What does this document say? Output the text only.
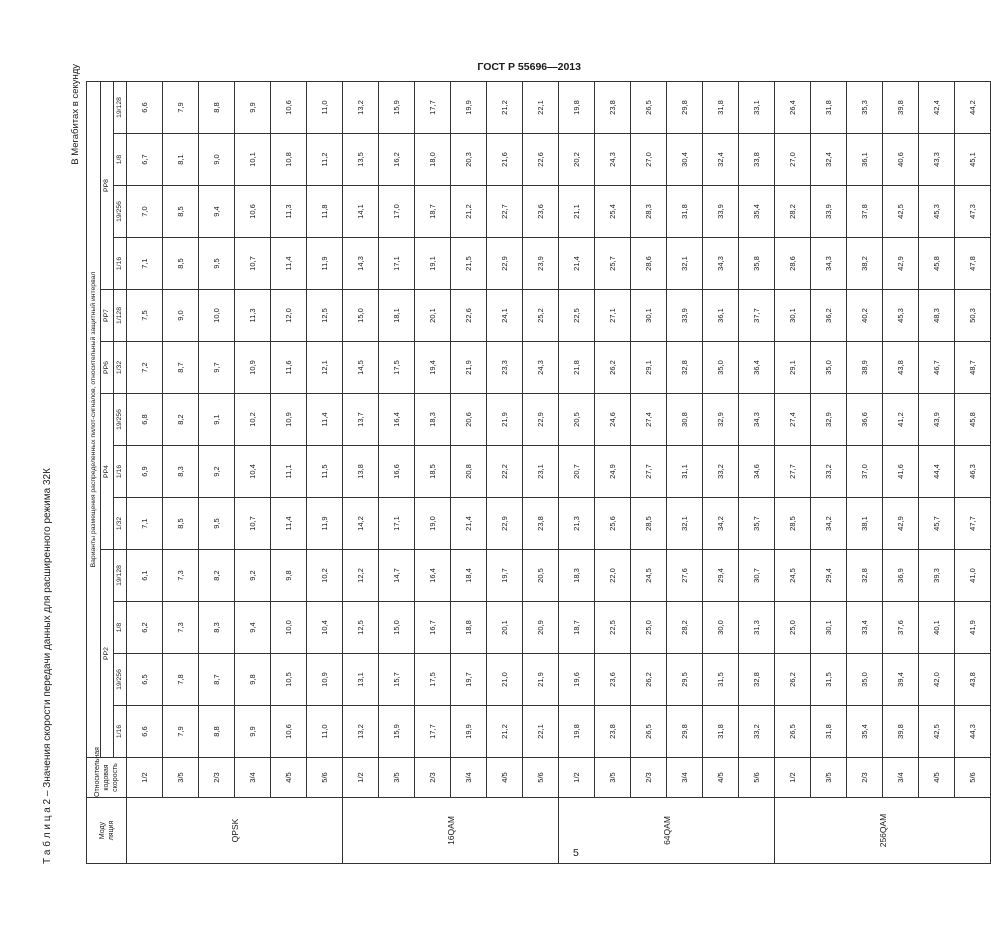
ГОСТ Р 55696—2013
Т а б л и ц а 2 – Значения скорости передачи данных для расширенного режима 32К
В Мегабитах в секунду
Моду
ляция	Относительная кодовая скорость	Варианты размещения распределенных пилот-сигналов, относительный защитный интервал												
		РР2				РР4			РР6	РР7	РР8			
		1/16	19/256	1/8	19/128	1/32	1/16	19/256	1/32	1/128	1/16	19/256	1/8	19/128
QPSK	1/2	6,6	6,5	6,2	6,1	7,1	6,9	6,8	7,2	7,5	7,1	7,0	6,7	6,6
	3/5	7,9	7,8	7,3	7,3	8,5	8,3	8,2	8,7	9,0	8,5	8,5	8,1	7,9
	2/3	8,8	8,7	8,3	8,2	9,5	9,2	9,1	9,7	10,0	9,5	9,4	9,0	8,8
	3/4	9,9	9,8	9,4	9,2	10,7	10,4	10,2	10,9	11,3	10,7	10,6	10,1	9,9
	4/5	10,6	10,5	10,0	9,8	11,4	11,1	10,9	11,6	12,0	11,4	11,3	10,8	10,6
	5/6	11,0	10,9	10,4	10,2	11,9	11,5	11,4	12,1	12,5	11,9	11,8	11,2	11,0
16QAM	1/2	13,2	13,1	12,5	12,2	14,2	13,8	13,7	14,5	15,0	14,3	14,1	13,5	13,2
	3/5	15,9	15,7	15,0	14,7	17,1	16,6	16,4	17,5	18,1	17,1	17,0	16,2	15,9
	2/3	17,7	17,5	16,7	16,4	19,0	18,5	18,3	19,4	20,1	19,1	18,7	18,0	17,7
	3/4	19,9	19,7	18,8	18,4	21,4	20,8	20,6	21,9	22,6	21,5	21,2	20,3	19,9
	4/5	21,2	21,0	20,1	19,7	22,9	22,2	21,9	23,3	24,1	22,9	22,7	21,6	21,2
	5/6	22,1	21,9	20,9	20,5	23,8	23,1	22,9	24,3	25,2	23,9	23,6	22,6	22,1
64QAM	1/2	19,8	19,6	18,7	18,3	21,3	20,7	20,5	21,8	22,5	21,4	21,1	20,2	19,8
	3/5	23,8	23,6	22,5	22,0	25,6	24,9	24,6	26,2	27,1	25,7	25,4	24,3	23,8
	2/3	26,5	26,2	25,0	24,5	28,5	27,7	27,4	29,1	30,1	28,6	28,3	27,0	26,5
	3/4	29,8	29,5	28,2	27,6	32,1	31,1	30,8	32,8	33,9	32,1	31,8	30,4	29,8
	4/5	31,8	31,5	30,0	29,4	34,2	33,2	32,9	35,0	36,1	34,3	33,9	32,4	31,8
	5/6	33,2	32,8	31,3	30,7	35,7	34,6	34,3	36,4	37,7	35,8	35,4	33,8	33,1
256QAM	1/2	26,5	26,2	25,0	24,5	28,5	27,7	27,4	29,1	30,1	28,6	28,2	27,0	26,4
	3/5	31,8	31,5	30,1	29,4	34,2	33,2	32,9	35,0	36,2	34,3	33,9	32,4	31,8
	2/3	35,4	35,0	33,4	32,8	38,1	37,0	36,6	38,9	40,2	38,2	37,8	36,1	35,3
	3/4	39,8	39,4	37,6	36,9	42,9	41,6	41,2	43,8	45,3	42,9	42,5	40,6	39,8
	4/5	42,5	42,0	40,1	39,3	45,7	44,4	43,9	46,7	48,3	45,8	45,3	43,3	42,4
	5/6	44,3	43,8	41,9	41,0	47,7	46,3	45,8	48,7	50,3	47,8	47,3	45,1	44,2
5
